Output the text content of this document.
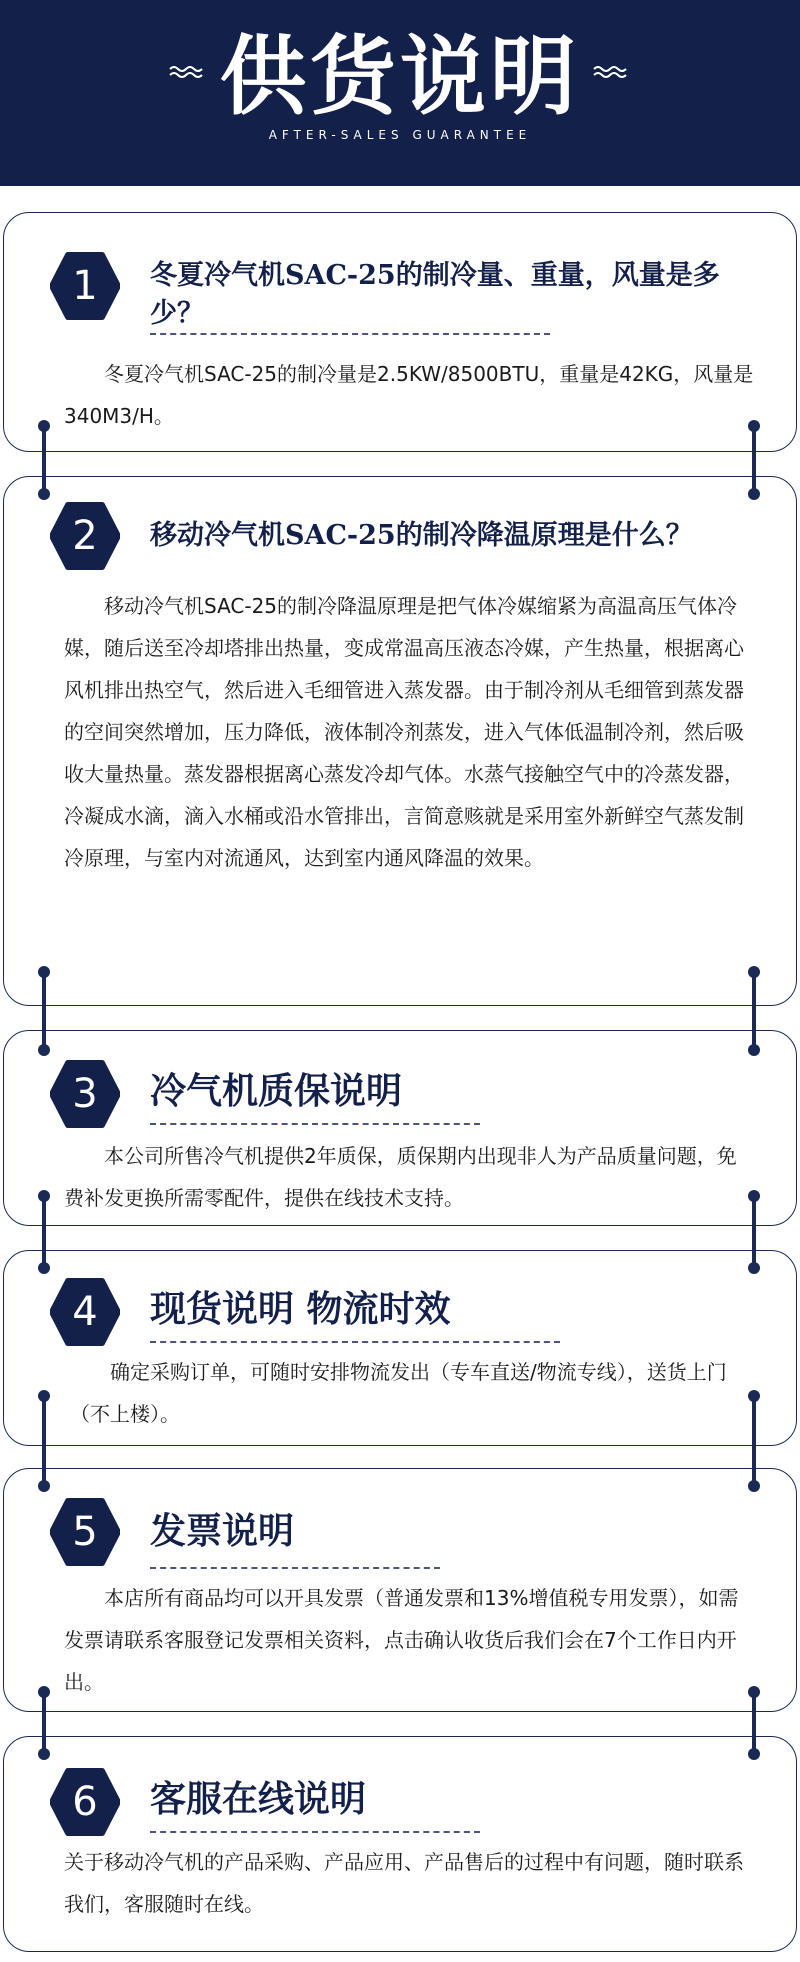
供货说明
AFTER-SALES GUARANTEE
1	冬夏冷气机SAC-25的制冷量、重量，风量是多少？
冬夏冷气机SAC-25的制冷量是2.5KW/8500BTU，重量是42KG，风量是340M3/H。
2	移动冷气机SAC-25的制冷降温原理是什么？
移动冷气机SAC-25的制冷降温原理是把气体冷媒缩紧为高温高压气体冷媒，随后送至冷却塔排出热量，变成常温高压液态冷媒，产生热量，根据离心风机排出热空气，然后进入毛细管进入蒸发器。由于制冷剂从毛细管到蒸发器的空间突然增加，压力降低，液体制冷剂蒸发，进入气体低温制冷剂，然后吸收大量热量。蒸发器根据离心蒸发冷却气体。水蒸气接触空气中的冷蒸发器，冷凝成水滴，滴入水桶或沿水管排出，言简意赅就是采用室外新鲜空气蒸发制冷原理，与室内对流通风，达到室内通风降温的效果。
3	冷气机质保说明
本公司所售冷气机提供2年质保，质保期内出现非人为产品质量问题，免费补发更换所需零配件，提供在线技术支持。
4	现货说明 物流时效
确定采购订单，可随时安排物流发出（专车直送/物流专线），送货上门 （不上楼）。
5	发票说明
本店所有商品均可以开具发票（普通发票和13%增值税专用发票），如需发票请联系客服登记发票相关资料，点击确认收货后我们会在7个工作日内开出。
6	客服在线说明
关于移动冷气机的产品采购、产品应用、产品售后的过程中有问题，随时联系我们，客服随时在线。
